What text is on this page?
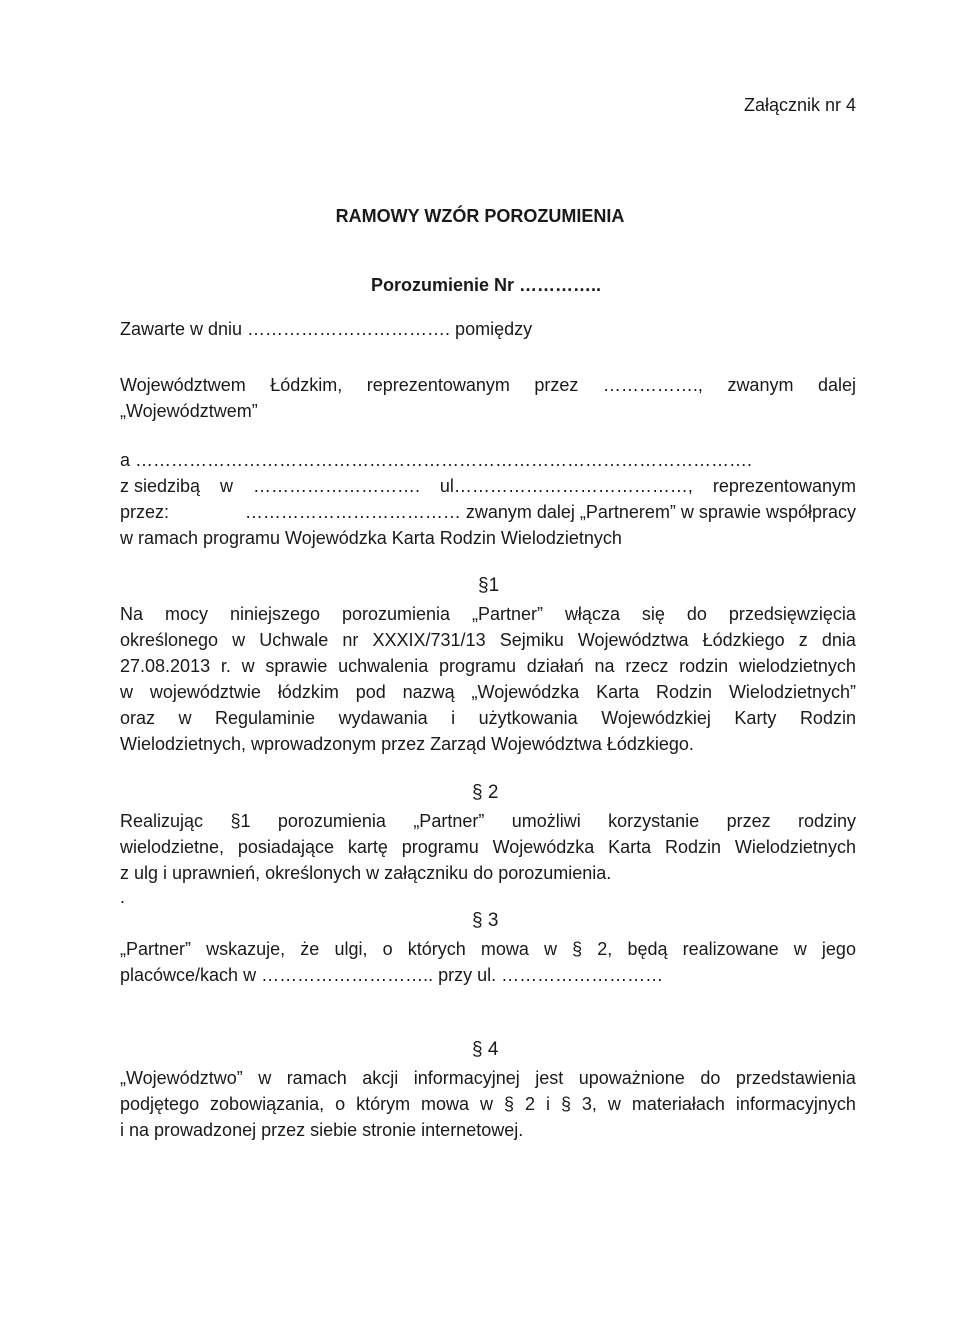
Załącznik nr 4
RAMOWY WZÓR POROZUMIENIA
Porozumienie Nr …………..
Zawarte w dniu ……………………………. pomiędzy
Województwem Łódzkim, reprezentowanym przez ……………., zwanym dalej
„Województwem”
a ………………………………………………………………………………………….
z siedzibą w ………………………. ul…………………………………, reprezentowanym
przez:	……………………………… zwanym dalej „Partnerem” w sprawie współpracy
w ramach programu Wojewódzka Karta Rodzin Wielodzietnych
§1
Na mocy niniejszego porozumienia „Partner” włącza się do przedsięwzięcia
określonego w Uchwale nr XXXIX/731/13 Sejmiku Województwa Łódzkiego z dnia
27.08.2013 r. w sprawie uchwalenia programu działań na rzecz rodzin wielodzietnych
w województwie łódzkim pod nazwą „Wojewódzka Karta Rodzin Wielodzietnych”
oraz w Regulaminie wydawania i użytkowania Wojewódzkiej Karty Rodzin
Wielodzietnych, wprowadzonym przez Zarząd Województwa Łódzkiego.
§ 2
Realizując §1 porozumienia „Partner” umożliwi korzystanie przez rodziny
wielodzietne, posiadające kartę programu Wojewódzka Karta Rodzin Wielodzietnych
z ulg i uprawnień, określonych w załączniku do porozumienia.
.
§ 3
„Partner” wskazuje, że ulgi, o których mowa w § 2, będą realizowane w jego
placówce/kach w ……………………….. przy ul. ………………………
§ 4
„Województwo” w ramach akcji informacyjnej jest upoważnione do przedstawienia
podjętego zobowiązania, o którym mowa w § 2 i § 3, w materiałach informacyjnych
i na prowadzonej przez siebie stronie internetowej.
